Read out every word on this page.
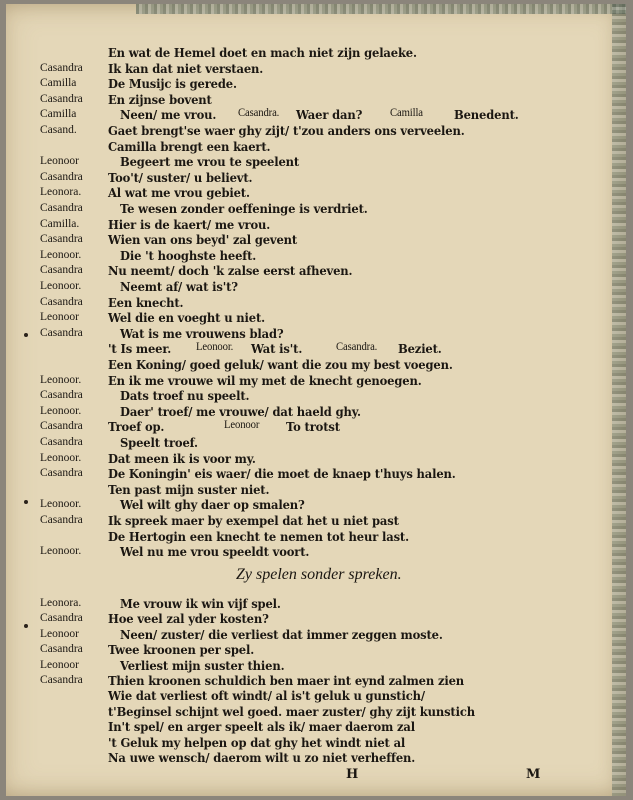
En wat de Hemel doet en mach niet zijn gelaeke.
Casandra Ik kan dat niet verstaen.
Camilla	De Musijc is gerede.
Casandra En zijnse bovent
Camilla	Neen/ me vrou. Casandra. Waer dan? Camilla	Benedent.
Casand.	Gaet brengt'se waer ghy zijt/ t'zou anders ons verveelen.
Camilla brengt een kaert.
Leonoor	Begeert me vrou te speelent
Casandra Too't/ suster/ u believt.
Leonora. Al wat me vrou gebiet.
Casandra	Te wesen zonder oeffeninge is verdriet.
Camilla. Hier is de kaert/ me vrou.
Casandra Wien van ons beyd' zal gevent
Leonoor.	Die 't hooghste heeft.
Casandra Nu neemt/ doch 'k zalse eerst afheven.
Leonoor.	Neemt af/ wat is't?
Casandra Een knecht.
Leonoor Wel die en voeght u niet.
Casandra	Wat is me vrouwens blad?
't Is meer. Leonoor. Wat is't.	Casandra. Beziet.
Een Koning/ goed geluk/ want die zou my best voegen.
Leonoor. En ik me vrouwe wil my met de knecht genoegen.
Casandra	Dats troef nu speelt.
Leonoor.	Daer' troef/ me vrouwe/ dat haeld ghy.
Casandra Troef op.	Leonoor To trotst
Casandra	Speelt troef.
Leonoor. Dat meen ik is voor my.
Casandra De Koningin' eis waer/ die moet de knaep t'huys halen.
Ten past mijn suster niet.
Leonoor.	Wel wilt ghy daer op smalen?
Casandra Ik spreek maer by exempel dat het u niet past
De Hertogin een knecht te nemen tot heur last.
Leonoor.	Wel nu me vrou speeldt voort.
Leonora.	Me vrouw ik win vijf spel.
Casandra Hoe veel zal yder kosten?
Leonoor	Neen/ zuster/ die verliest dat immer zeggen moste.
Casandra Twee kroonen per spel.
Leonoor	Verliest mijn suster thien.
Casandra Thien kroonen schuldich ben maer int eynd zalmen zien
Wie dat verliest oft windt/ al is't geluk u gunstich/
t'Beginsel schijnt wel goed. maer zuster/ ghy zijt kunstich
In't spel/ en arger speelt als ik/ maer daerom zal
't Geluk my helpen op dat ghy het windt niet al
Na uwe wensch/ daerom wilt u zo niet verheffen.
Zy spelen sonder spreken.
H	M
